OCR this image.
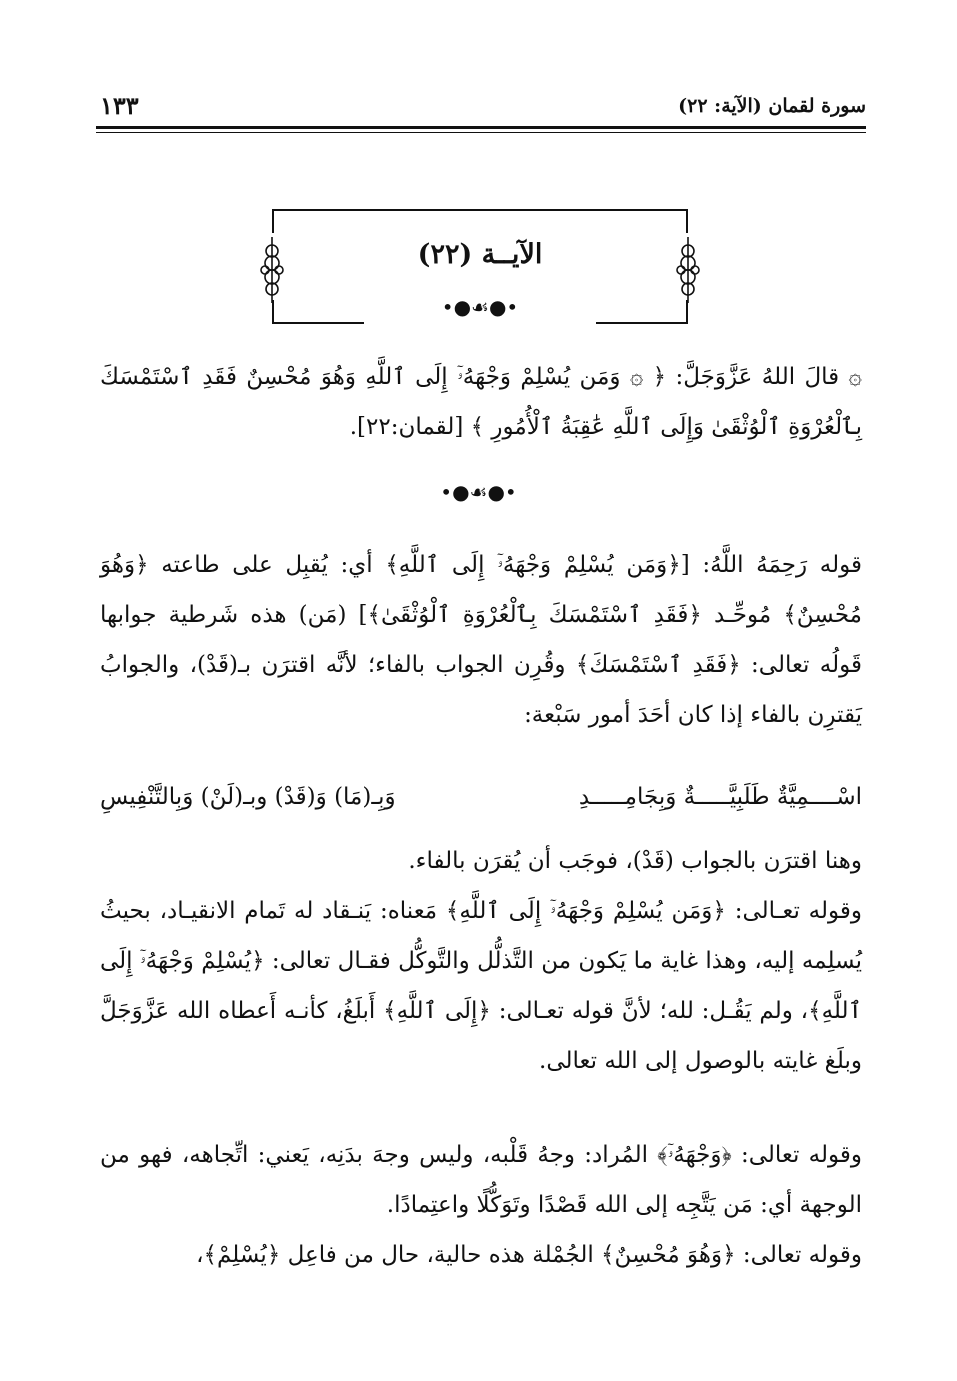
سورة لقمان (الآية: ٢٢)
١٣٣
الآيــة (٢٢)
•●☙●•
۞ قالَ اللهُ عَزَّوَجَلَّ: ﴿ ۞ وَمَن يُسْلِمْ وَجْهَهُۥٓ إِلَى ٱللَّهِ وَهُوَ مُحْسِنٌ فَقَدِ ٱسْتَمْسَكَ بِٱلْعُرْوَةِ ٱلْوُثْقَىٰ وَإِلَى ٱللَّهِ عَٰقِبَةُ ٱلْأُمُورِ ﴾ [لقمان:٢٢].
•●☙●•
قوله رَحِمَهُ اللَّهُ: [﴿وَمَن يُسْلِمْ وَجْهَهُۥٓ إِلَى ٱللَّهِ﴾ أي: يُقبِل على طاعته ﴿وَهُوَ مُحْسِنٌ﴾ مُوحِّـد ﴿فَقَدِ ٱسْتَمْسَكَ بِٱلْعُرْوَةِ ٱلْوُثْقَىٰ﴾] (مَن) هذه شَرطية جوابها قَولُه تعالى: ﴿فَقَدِ ٱسْتَمْسَكَ﴾ وقُرِن الجواب بالفاء؛ لأنَّه اقترَن بـ(قَدْ)، والجوابُ يَقترِن بالفاء إذا كان أحَدَ أمور سَبْعة:
اسْــــمِيَّةٌ طَلَبِيَّـــــةٌ وَبِجَامِـــــدِ
وَبِـ(مَا) وَ(قَدْ) وبـ(لَنْ) وَبِالتَّنْفِيسِ
وهنا اقترَن بالجواب (قَدْ)، فوجَب أن يُقرَن بالفاء.
وقوله تعـالى: ﴿وَمَن يُسْلِمْ وَجْهَهُۥٓ إِلَى ٱللَّهِ﴾ مَعناه: يَنـقاد له تَمام الانقيـاد، بحيثُ يُسلِمه إليه، وهذا غاية ما يَكون من التَّذلُّل والتَّوكُّل فقـال تعالى: ﴿يُسْلِمْ وَجْهَهُۥٓ إِلَى ٱللَّهِ﴾، ولم يَقُـل: لله؛ لأنَّ قوله تعـالى: ﴿إِلَى ٱللَّهِ﴾ أَبلَغُ، كأنـه أَعطاه الله عَزَّوَجَلَّ وبلَغ غايته بالوصول إلى الله تعالى.
وقوله تعالى: ﴿وَجْهَهُۥٓ﴾ المُراد: وجهُ قَلْبه، وليس وجهَ بدَنِه، يَعني: اتِّجاهه، فهو من الوجهة أي: مَن يَتَّجِه إلى الله قَصْدًا وتَوَكُّلًا واعتِمادًا.
وقوله تعالى: ﴿وَهُوَ مُحْسِنٌ﴾ الجُمْلة هذه حالية، حال من فاعِل ﴿يُسْلِمْ﴾،
